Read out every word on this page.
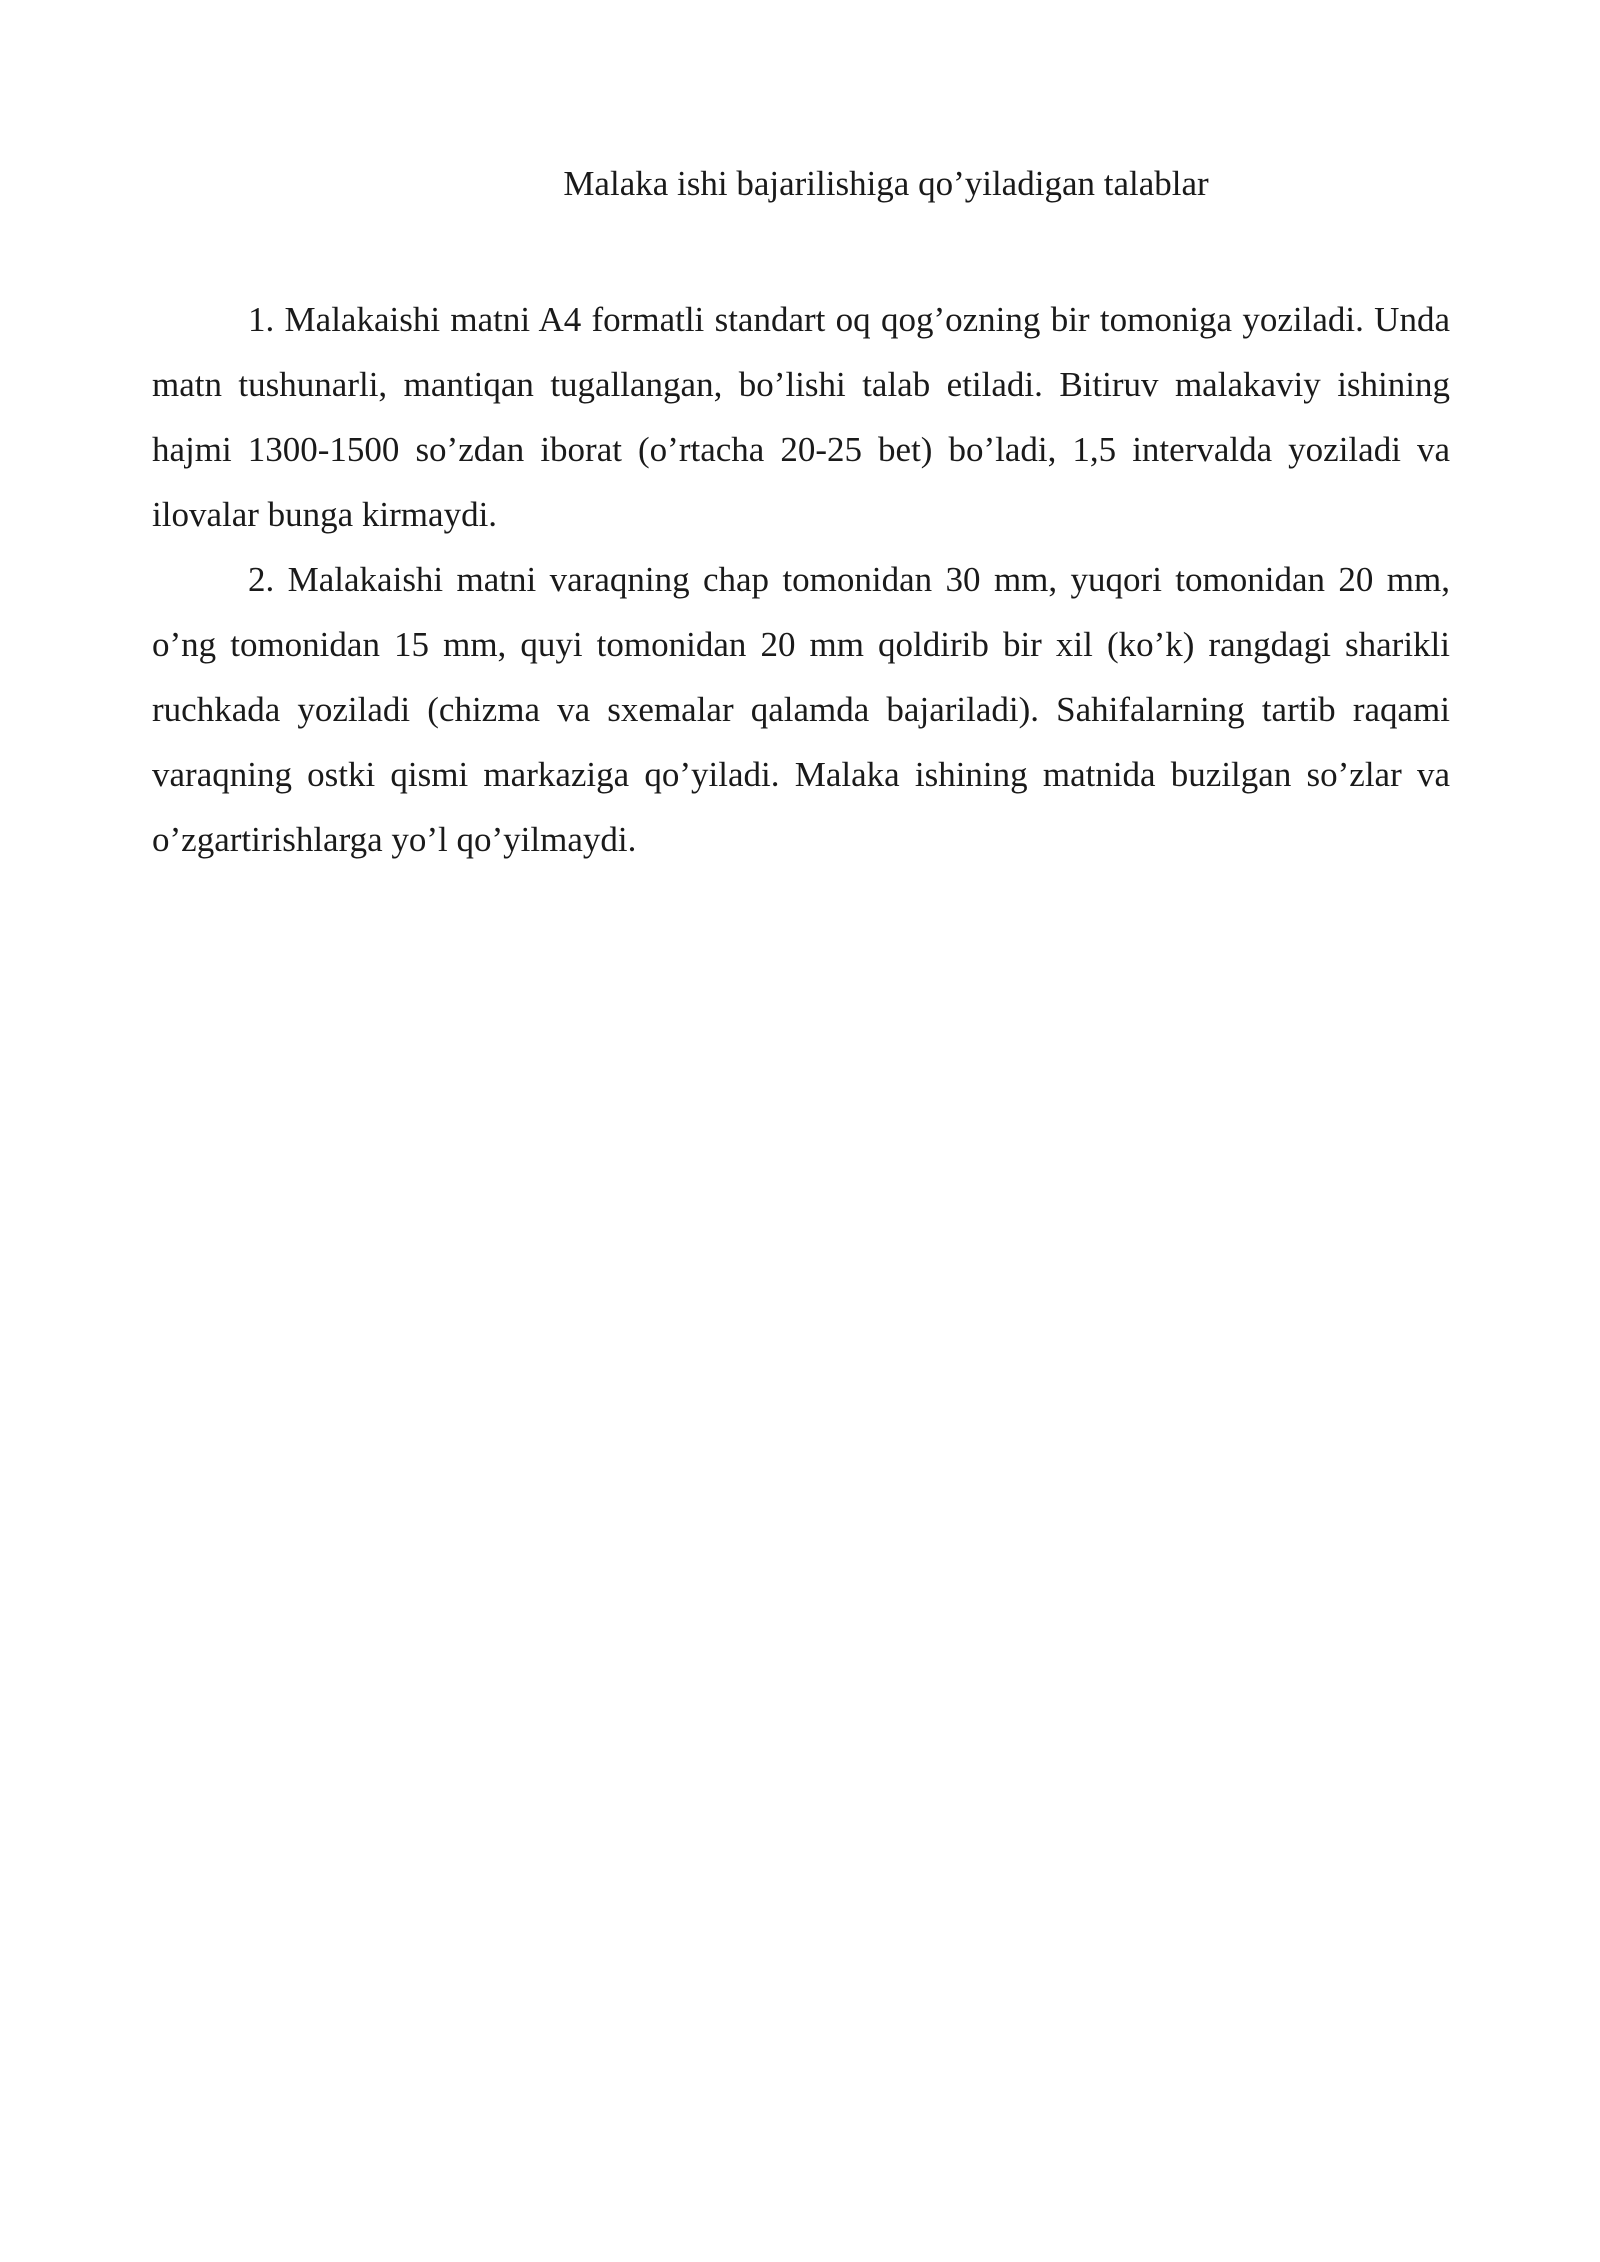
Malaka ishi bajarilishiga qo’yiladigan talablar

1. Malakaishi matni A4 formatli standart oq qog’ozning bir tomoniga yoziladi. Unda matn tushunarli, mantiqan tugallangan, bo’lishi talab etiladi. Bitiruv malakaviy ishining hajmi 1300-1500 so’zdan iborat (o’rtacha 20-25 bet) bo’ladi, 1,5 intervalda yoziladi va ilovalar bunga kirmaydi.

2. Malakaishi matni varaqning chap tomonidan 30 mm, yuqori tomonidan 20 mm, o’ng tomonidan 15 mm, quyi tomonidan 20 mm qoldirib bir xil (ko’k) rangdagi sharikli ruchkada yoziladi (chizma va sxemalar qalamda bajariladi). Sahifalarning tartib raqami varaqning ostki qismi markaziga qo’yiladi. Malaka ishining matnida buzilgan so’zlar va o’zgartirishlarga yo’l qo’yilmaydi.
